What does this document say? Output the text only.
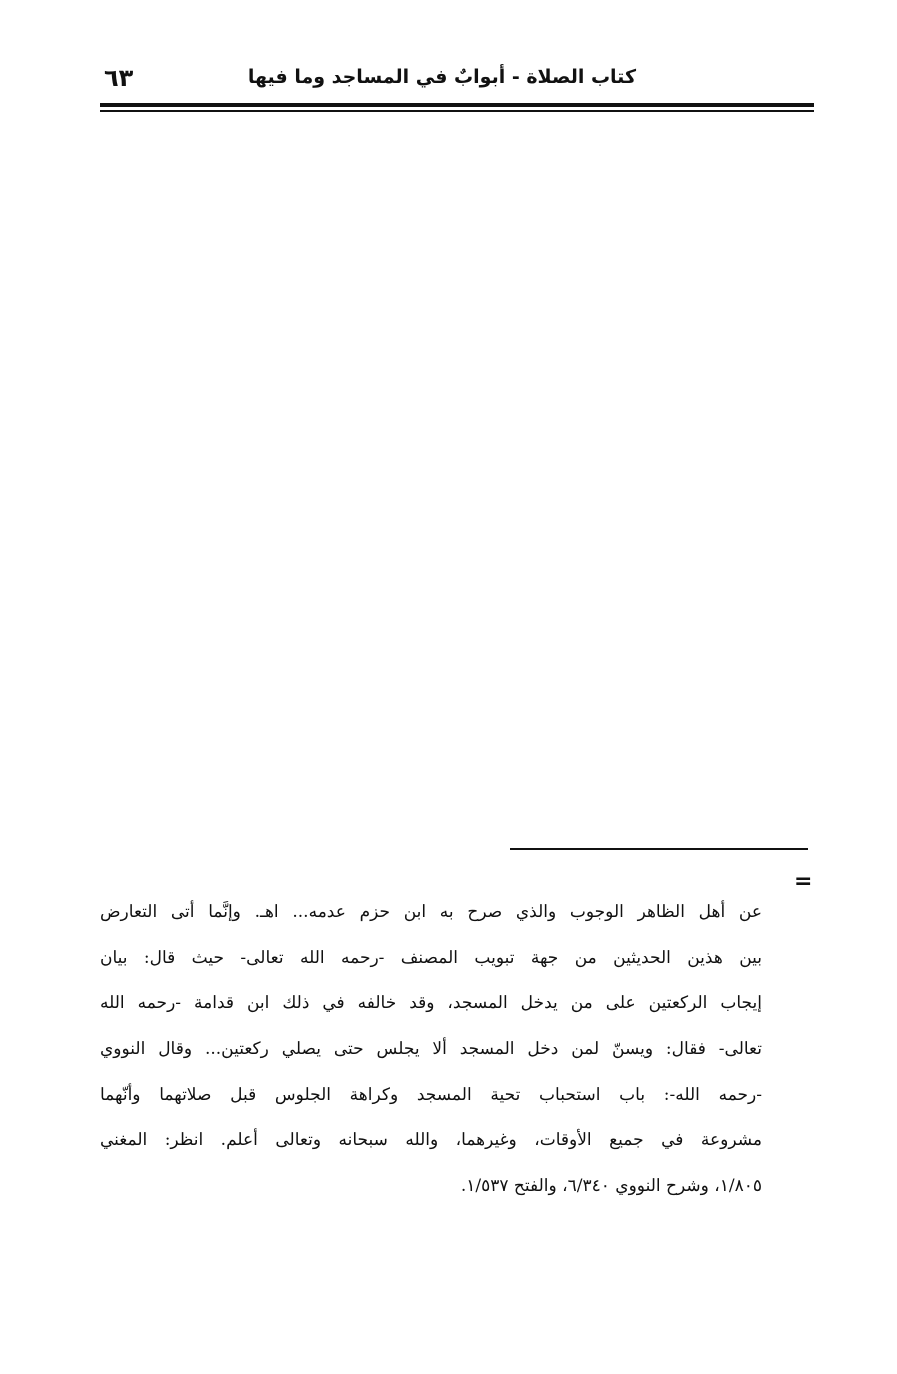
كتاب الصلاة - أبوابٌ في المساجد وما فيها
٦٣
=
عن أهل الظاهر الوجوب والذي صرح به ابن حزم عدمه... اهـ. وإنَّما أتى التعارض
بين هذين الحديثين من جهة تبويب المصنف -رحمه الله تعالى- حيث قال: بيان
إيجاب الركعتين على من يدخل المسجد، وقد خالفه في ذلك ابن قدامة -رحمه الله
تعالى- فقال: ويسنّ لمن دخل المسجد ألا يجلس حتى يصلي ركعتين... وقال النووي
-رحمه الله-: باب استحباب تحية المسجد وكراهة الجلوس قبل صلاتهما وأنّهما
مشروعة في جميع الأوقات، وغيرهما، والله سبحانه وتعالى أعلم. انظر: المغني
١/٨٠٥، وشرح النووي ٦/٣٤٠، والفتح ١/٥٣٧.
